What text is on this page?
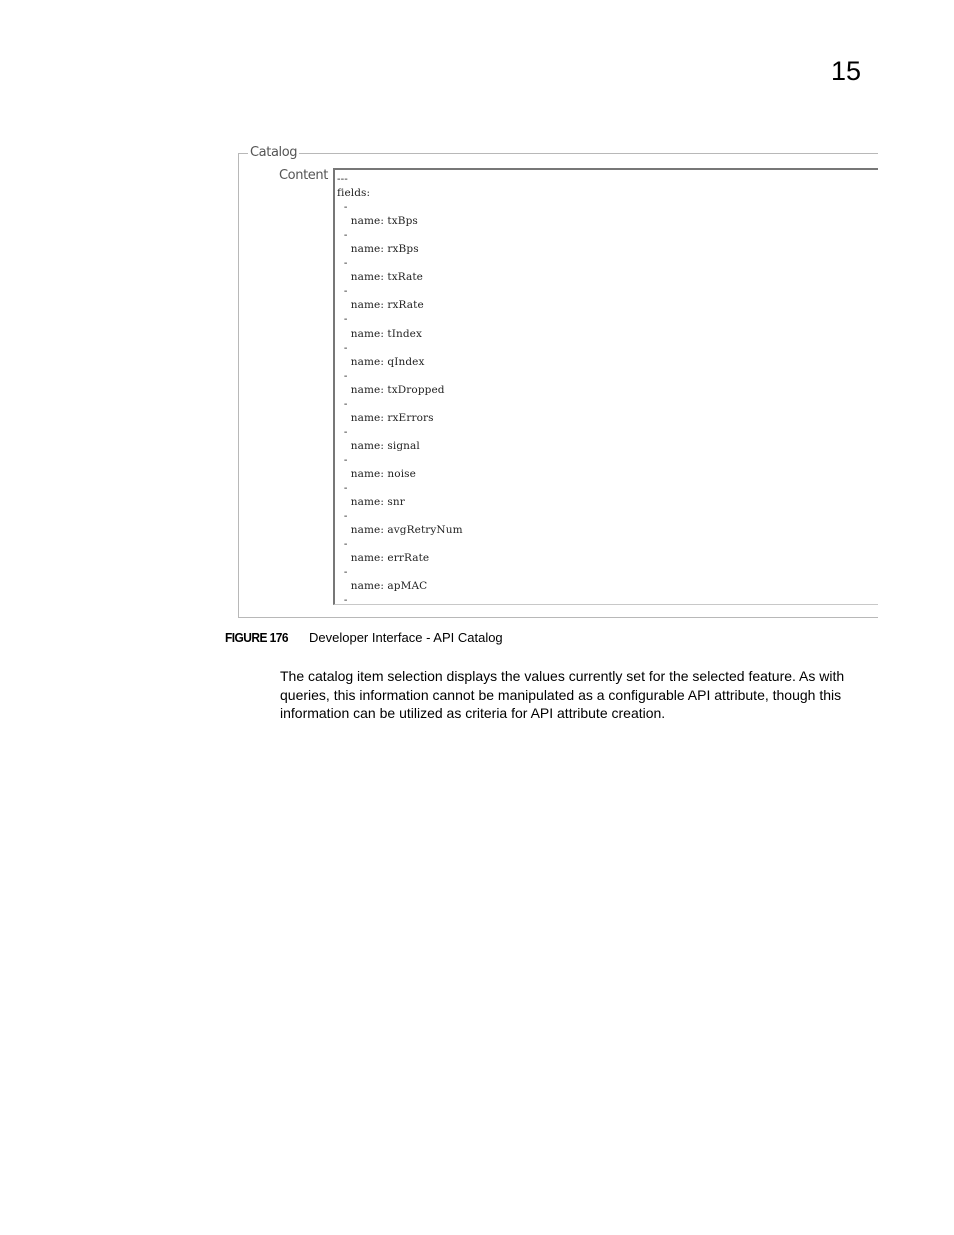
15
Catalog
Content ---
fields:
-
name: txBps
-
name: rxBps
-
name: txRate
-
name: rxRate
-
name: tIndex
-
name: qIndex
-
name: txDropped
-
name: rxErrors
-
name: signal
-
name: noise
-
name: snr
-
name: avgRetryNum
-
name: errRate
-
name: apMAC
-
FIGURE 176 Developer Interface - API Catalog
The catalog item selection displays the values currently set for the selected feature. As with queries, this information cannot be manipulated as a configurable API attribute, though this information can be utilized as criteria for API attribute creation.
